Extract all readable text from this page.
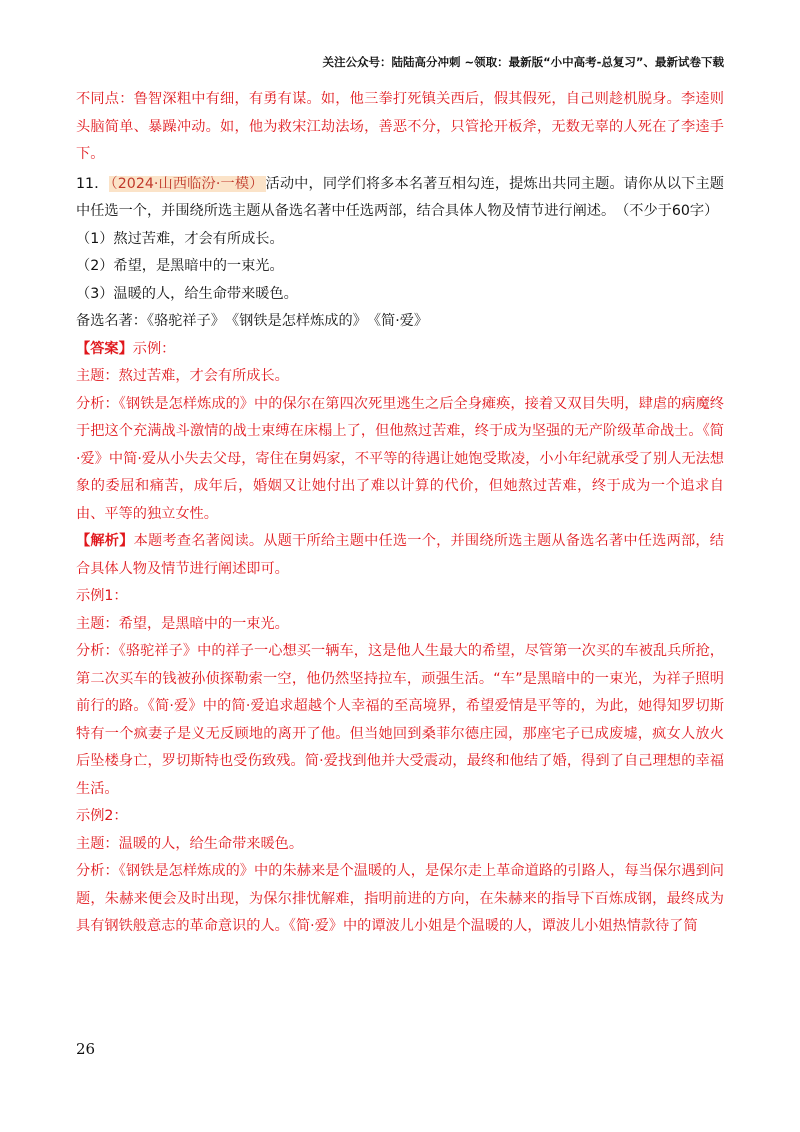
关注公众号：陆陆高分冲刺 ~领取：最新版“小中高考-总复习”、最新试卷下载

不同点：鲁智深粗中有细，有勇有谋。如，他三拳打死镇关西后，假其假死，自己则趁机脱身。李逵则头脑简单、暴躁冲动。如，他为救宋江劫法场，善恶不分，只管抡开板斧，无数无辜的人死在了李逵手下。

11． （2024·山西临汾·一模） 活动中，同学们将多本名著互相勾连，提炼出共同主题。请你从以下主题中任选一个，并围绕所选主题从备选名著中任选两部，结合具体人物及情节进行阐述。　（不少于60字）

（1）熬过苦难，才会有所成长。

（2）希望，是黑暗中的一束光。

（3）温暖的人，给生命带来暖色。

备选名著：《骆驼祥子》　《钢铁是怎样炼成的》　《简·爱》

【答案】示例：

主题：熬过苦难，才会有所成长。

分析：《钢铁是怎样炼成的》中的保尔在第四次死里逃生之后全身瘫痪，接着又双目失明，肆虐的病魔终于把这个充满战斗激情的战士束缚在床榻上了，但他熬过苦难，终于成为坚强的无产阶级革命战士。《简·爱》中简·爱从小失去父母，寄住在舅妈家，不平等的待遇让她饱受欺凌，小小年纪就承受了别人无法想象的委屈和痛苦，成年后，婚姻又让她付出了难以计算的代价，但她熬过苦难，终于成为一个追求自由、平等的独立女性。

【解析】本题考查名著阅读。从题干所给主题中任选一个，并围绕所选主题从备选名著中任选两部，结合具体人物及情节进行阐述即可。

示例1：

主题：希望，是黑暗中的一束光。

分析：《骆驼祥子》中的祥子一心想买一辆车，这是他人生最大的希望，尽管第一次买的车被乱兵所抢，第二次买车的钱被孙侦探勒索一空，他仍然坚持拉车，顽强生活。“车”是黑暗中的一束光，为祥子照明前行的路。《简·爱》中的简·爱追求超越个人幸福的至高境界，希望爱情是平等的，为此，她得知罗切斯特有一个疯妻子是义无反顾地的离开了他。但当她回到桑菲尔德庄园，那座宅子已成废墟，疯女人放火后坠楼身亡，罗切斯特也受伤致残。简·爱找到他并大受震动，最终和他结了婚，得到了自己理想的幸福生活。

示例2：

主题：温暖的人，给生命带来暖色。

分析：《钢铁是怎样炼成的》中的朱赫来是个温暖的人，是保尔走上革命道路的引路人，每当保尔遇到问题，朱赫来便会及时出现，为保尔排忧解难，指明前进的方向，在朱赫来的指导下百炼成钢，最终成为具有钢铁般意志的革命意识的人。《简·爱》中的谭波儿小姐是个温暖的人，谭波儿小姐热情款待了简

26
